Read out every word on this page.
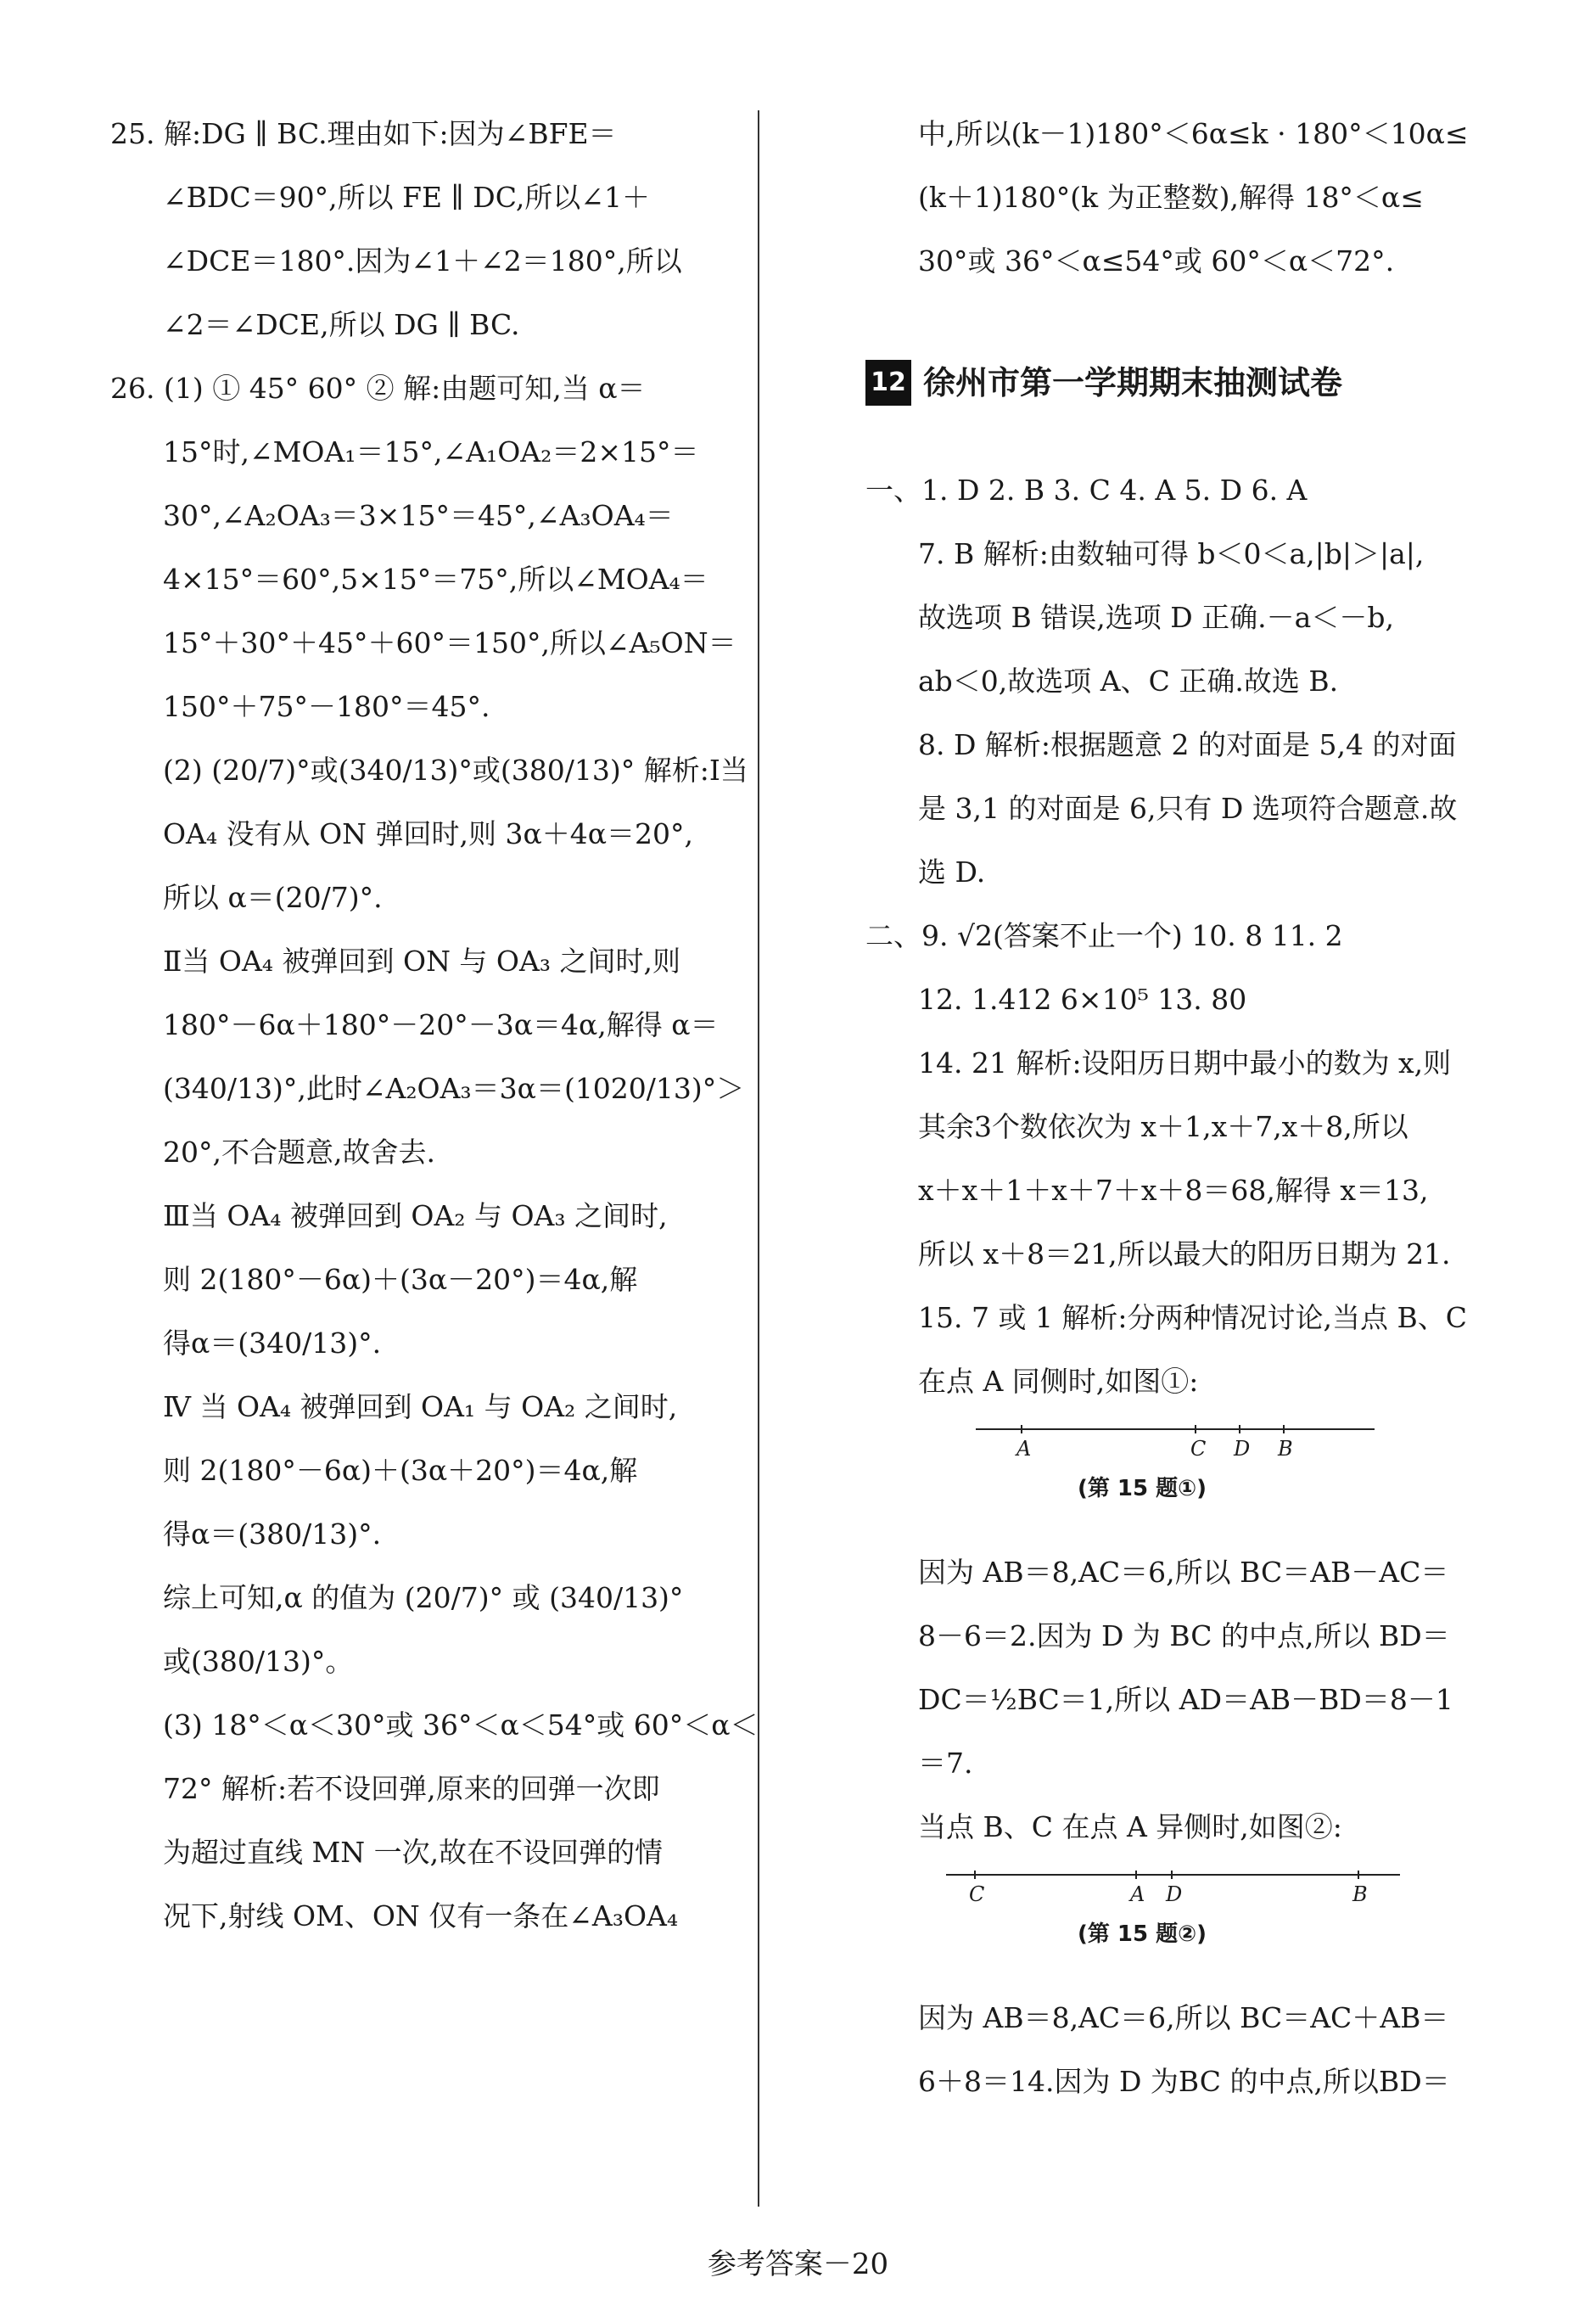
25. 解:DG ∥ BC.理由如下:因为∠BFE＝
∠BDC＝90°,所以 FE ∥ DC,所以∠1＋
∠DCE＝180°.因为∠1＋∠2＝180°,所以
∠2＝∠DCE,所以 DG ∥ BC.
26. (1) ① 45° 60° ② 解:由题可知,当 α＝
15°时,∠MOA₁＝15°,∠A₁OA₂＝2×15°＝
30°,∠A₂OA₃＝3×15°＝45°,∠A₃OA₄＝
4×15°＝60°,5×15°＝75°,所以∠MOA₄＝
15°＋30°＋45°＋60°＝150°,所以∠A₅ON＝
150°＋75°－180°＝45°.
(2) (20/7)°或(340/13)°或(380/13)° 解析:Ⅰ当
OA₄ 没有从 ON 弹回时,则 3α＋4α＝20°,
所以 α＝(20/7)°.
Ⅱ当 OA₄ 被弹回到 ON 与 OA₃ 之间时,则
180°－6α＋180°－20°－3α＝4α,解得 α＝
(340/13)°,此时∠A₂OA₃＝3α＝(1020/13)°＞
20°,不合题意,故舍去.
Ⅲ当 OA₄ 被弹回到 OA₂ 与 OA₃ 之间时,
则 2(180°－6α)＋(3α－20°)＝4α,解
得α＝(340/13)°.
Ⅳ 当 OA₄ 被弹回到 OA₁ 与 OA₂ 之间时,
则 2(180°－6α)＋(3α＋20°)＝4α,解
得α＝(380/13)°.
综上可知,α 的值为 (20/7)° 或 (340/13)°
或(380/13)°。
(3) 18°＜α＜30°或 36°＜α＜54°或 60°＜α＜
72° 解析:若不设回弹,原来的回弹一次即
为超过直线 MN 一次,故在不设回弹的情
况下,射线 OM、ON 仅有一条在∠A₃OA₄
中,所以(k－1)180°＜6α≤k · 180°＜10α≤
(k＋1)180°(k 为正整数),解得 18°＜α≤
30°或 36°＜α≤54°或 60°＜α＜72°.
12 徐州市第一学期期末抽测试卷
一、1. D 2. B 3. C 4. A 5. D 6. A
7. B 解析:由数轴可得 b＜0＜a,|b|＞|a|,
故选项 B 错误,选项 D 正确.－a＜－b,
ab＜0,故选项 A、C 正确.故选 B.
8. D 解析:根据题意 2 的对面是 5,4 的对面
是 3,1 的对面是 6,只有 D 选项符合题意.故
选 D.
二、9. √2(答案不止一个) 10. 8 11. 2
12. 1.412 6×10⁵ 13. 80
14. 21 解析:设阳历日期中最小的数为 x,则
其余3个数依次为 x＋1,x＋7,x＋8,所以
x＋x＋1＋x＋7＋x＋8＝68,解得 x＝13,
所以 x＋8＝21,所以最大的阳历日期为 21.
15. 7 或 1 解析:分两种情况讨论,当点 B、C
在点 A 同侧时,如图①:
A	C D B
(第 15 题①)
因为 AB＝8,AC＝6,所以 BC＝AB－AC＝
8－6＝2.因为 D 为 BC 的中点,所以 BD＝
DC＝½BC＝1,所以 AD＝AB－BD＝8－1
＝7.
当点 B、C 在点 A 异侧时,如图②:
C	A D	B
(第 15 题②)
因为 AB＝8,AC＝6,所以 BC＝AC＋AB＝
6＋8＝14.因为 D 为BC 的中点,所以BD＝
参考答案－20
